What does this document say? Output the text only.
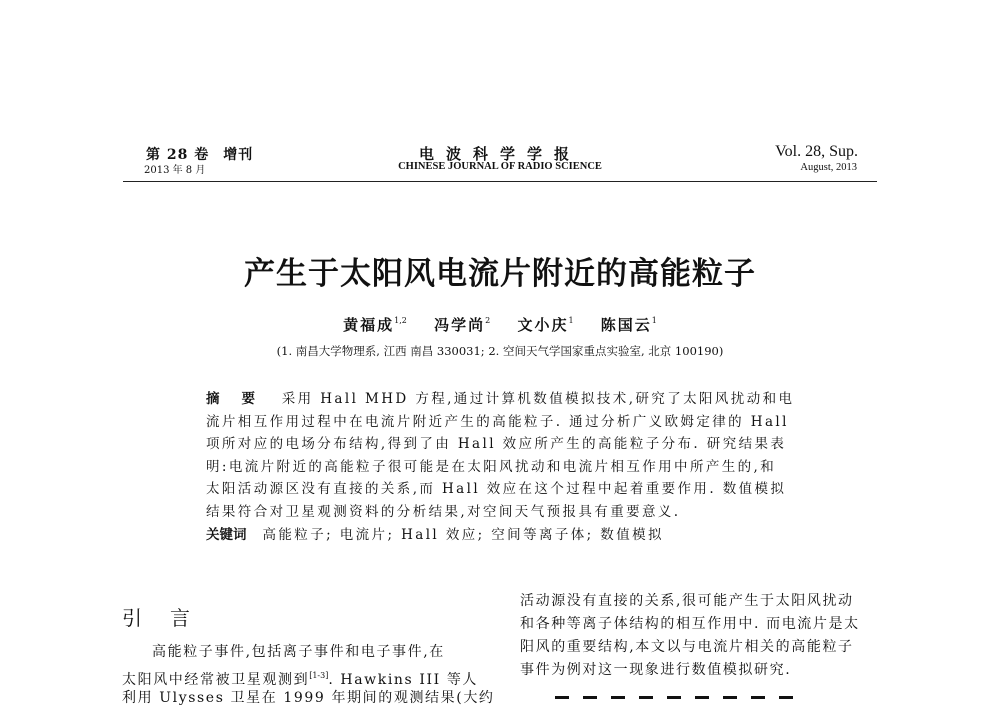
第 28 卷 增刊
2013 年 8 月
电波科学学报
CHINESE JOURNAL OF RADIO SCIENCE
Vol. 28, Sup.
August, 2013
产生于太阳风电流片附近的高能粒子
黄福成$^{1,2}$ 冯学尚$^2$ 文小庆$^1$ 陈国云$^1$
(1. 南昌大学物理系, 江西 南昌 330031; 2. 空间天气学国家重点实验室, 北京 100190)
摘 要 采用 Hall MHD 方程,通过计算机数值模拟技术,研究了太阳风扰动和电
流片相互作用过程中在电流片附近产生的高能粒子. 通过分析广义欧姆定律的 Hall
项所对应的电场分布结构,得到了由 Hall 效应所产生的高能粒子分布. 研究结果表
明:电流片附近的高能粒子很可能是在太阳风扰动和电流片相互作用中所产生的,和
太阳活动源区没有直接的关系,而 Hall 效应在这个过程中起着重要作用. 数值模拟
结果符合对卫星观测资料的分析结果,对空间天气预报具有重要意义.
关键词 高能粒子; 电流片; Hall 效应; 空间等离子体; 数值模拟
引 言
高能粒子事件,包括离子事件和电子事件,在
太阳风中经常被卫星观测到[1-3]. Hawkins III 等人
利用 Ulysses 卫星在 1999 年期间的观测结果(大约
活动源没有直接的关系,很可能产生于太阳风扰动
和各种等离子体结构的相互作用中. 而电流片是太
阳风的重要结构,本文以与电流片相关的高能粒子
事件为例对这一现象进行数值模拟研究.
